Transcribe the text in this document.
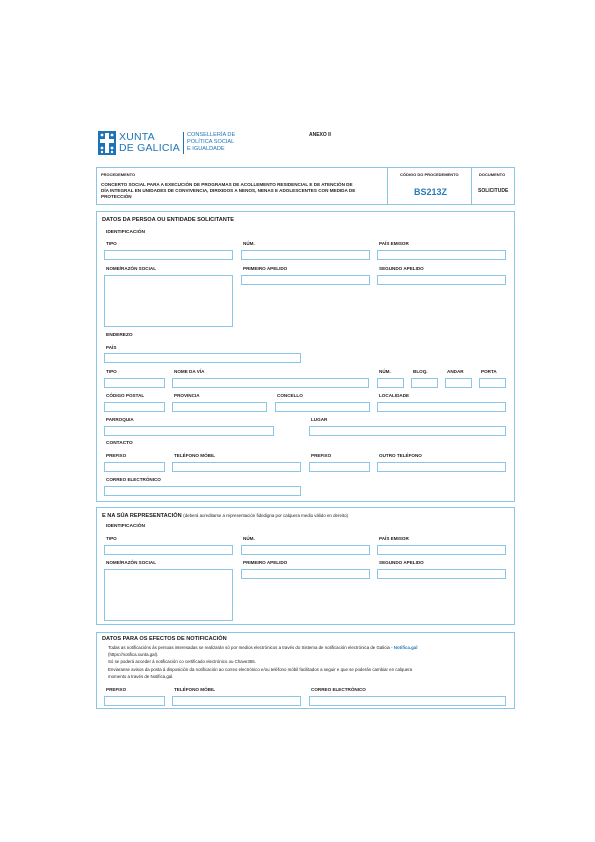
XUNTA
DE GALICIA
CONSELLERÍA DE
POLÍTICA SOCIAL
E IGUALDADE
ANEXO II
PROCEDEMENTO
CONCERTO SOCIAL PARA A EXECUCIÓN DE PROGRAMAS DE ACOLLEMENTO RESIDENCIAL E DE ATENCIÓN DE
DÍA INTEGRAL EN UNIDADES DE CONVIVENCIA, DIRIXIDOS A NENOS, NENAS E ADOLESCENTES CON MEDIDA DE
PROTECCIÓN
CÓDIGO DO PROCEDEMENTO
BS213Z
DOCUMENTO
SOLICITUDE
DATOS DA PERSOA OU ENTIDADE SOLICITANTE
IDENTIFICACIÓN
TIPO	NÚM.	PAÍS EMISOR
NOME/RAZÓN SOCIAL	PRIMEIRO APELIDO	SEGUNDO APELIDO
ENDEREZO
PAÍS
TIPO	NOME DA VÍA	NÚM.	BLOQ.	ANDAR	PORTA
CÓDIGO POSTAL	PROVINCIA	CONCELLO	LOCALIDADE
PARROQUIA	LUGAR
CONTACTO
PREFIXO	TELÉFONO MÓBIL	PREFIXO	OUTRO TELÉFONO
CORREO ELECTRÓNICO
E NA SÚA REPRESENTACIÓN (deberá acreditarse a representación fidedigna por calquera medio válido en dereito)
IDENTIFICACIÓN
TIPO	NÚM.	PAÍS EMISOR
NOME/RAZÓN SOCIAL	PRIMEIRO APELIDO	SEGUNDO APELIDO
DATOS PARA OS EFECTOS DE NOTIFICACIÓN
Todas as notificacións ás persoas interesadas se realizarán só por medios electrónicos a través do Sistema de notificación electrónica de Galicia - Notifica.gal
(https://notifica.xunta.gal).
Só se poderá acceder á notificación co certificado electrónico ou Chave365.
Enviaranse avisos da posta á disposición da notificación ao correo electrónico e/ou teléfono móbil facilitados a seguir e que se poderán cambiar en calquera
momento a través de Notifica.gal.
PREFIXO	TELÉFONO MÓBIL	CORREO ELECTRÓNICO
